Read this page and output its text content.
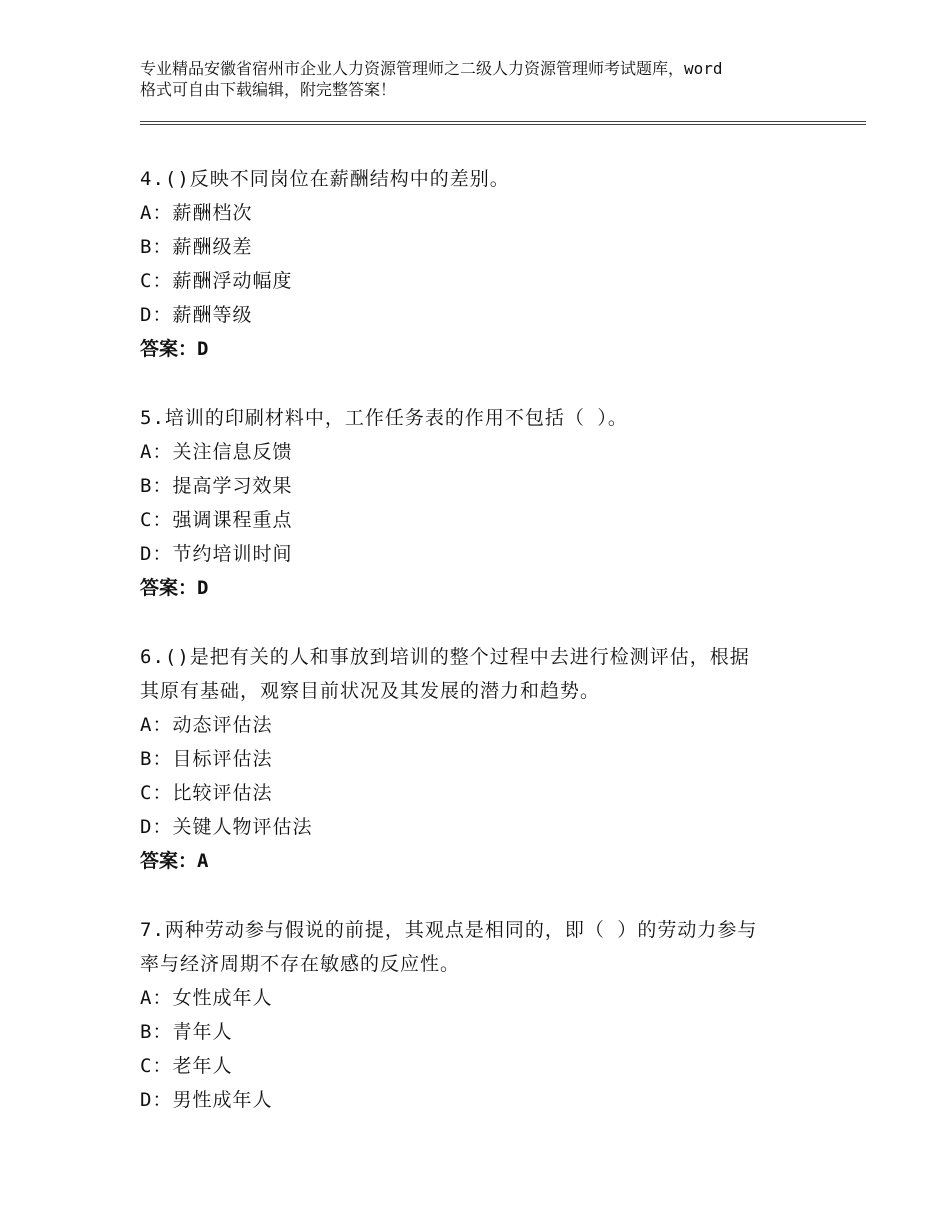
专业精品安徽省宿州市企业人力资源管理师之二级人力资源管理师考试题库，word
格式可自由下载编辑，附完整答案！
4.()反映不同岗位在薪酬结构中的差别。
A：薪酬档次
B：薪酬级差
C：薪酬浮动幅度
D：薪酬等级
答案：D
5.培训的印刷材料中，工作任务表的作用不包括（ ）。
A：关注信息反馈
B：提高学习效果
C：强调课程重点
D：节约培训时间
答案：D
6.()是把有关的人和事放到培训的整个过程中去进行检测评估，根据
其原有基础，观察目前状况及其发展的潜力和趋势。
A：动态评估法
B：目标评估法
C：比较评估法
D：关键人物评估法
答案：A
7.两种劳动参与假说的前提，其观点是相同的，即（ ）的劳动力参与
率与经济周期不存在敏感的反应性。
A：女性成年人
B：青年人
C：老年人
D：男性成年人
